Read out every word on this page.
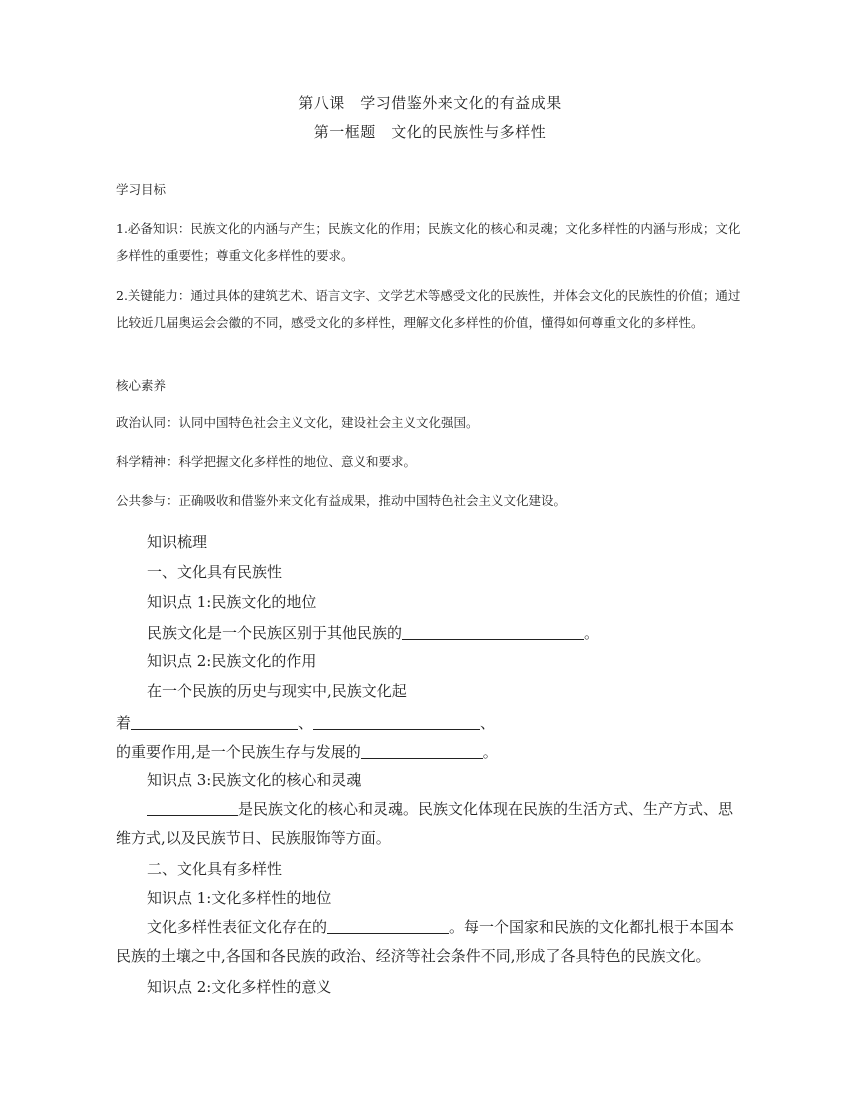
第八课　学习借鉴外来文化的有益成果
第一框题　文化的民族性与多样性
学习目标
1.必备知识：民族文化的内涵与产生；民族文化的作用；民族文化的核心和灵魂；文化多样性的内涵与形成；文化多样性的重要性；尊重文化多样性的要求。
2.关键能力：通过具体的建筑艺术、语言文字、文学艺术等感受文化的民族性，并体会文化的民族性的价值；通过比较近几届奥运会会徽的不同，感受文化的多样性，理解文化多样性的价值，懂得如何尊重文化的多样性。
核心素养
政治认同：认同中国特色社会主义文化，建设社会主义文化强国。
科学精神：科学把握文化多样性的地位、意义和要求。
公共参与：正确吸收和借鉴外来文化有益成果，推动中国特色社会主义文化建设。
知识梳理
一、文化具有民族性
知识点 1:民族文化的地位
民族文化是一个民族区别于其他民族的	。
知识点 2:民族文化的作用
在一个民族的历史与现实中,民族文化起
着	、	、
的重要作用,是一个民族生存与发展的	。
知识点 3:民族文化的核心和灵魂
是民族文化的核心和灵魂。民族文化体现在民族的生活方式、生产方式、思
维方式,以及民族节日、民族服饰等方面。
二、文化具有多样性
知识点 1:文化多样性的地位
文化多样性表征文化存在的	。每一个国家和民族的文化都扎根于本国本
民族的土壤之中,各国和各民族的政治、经济等社会条件不同,形成了各具特色的民族文化。
知识点 2:文化多样性的意义
